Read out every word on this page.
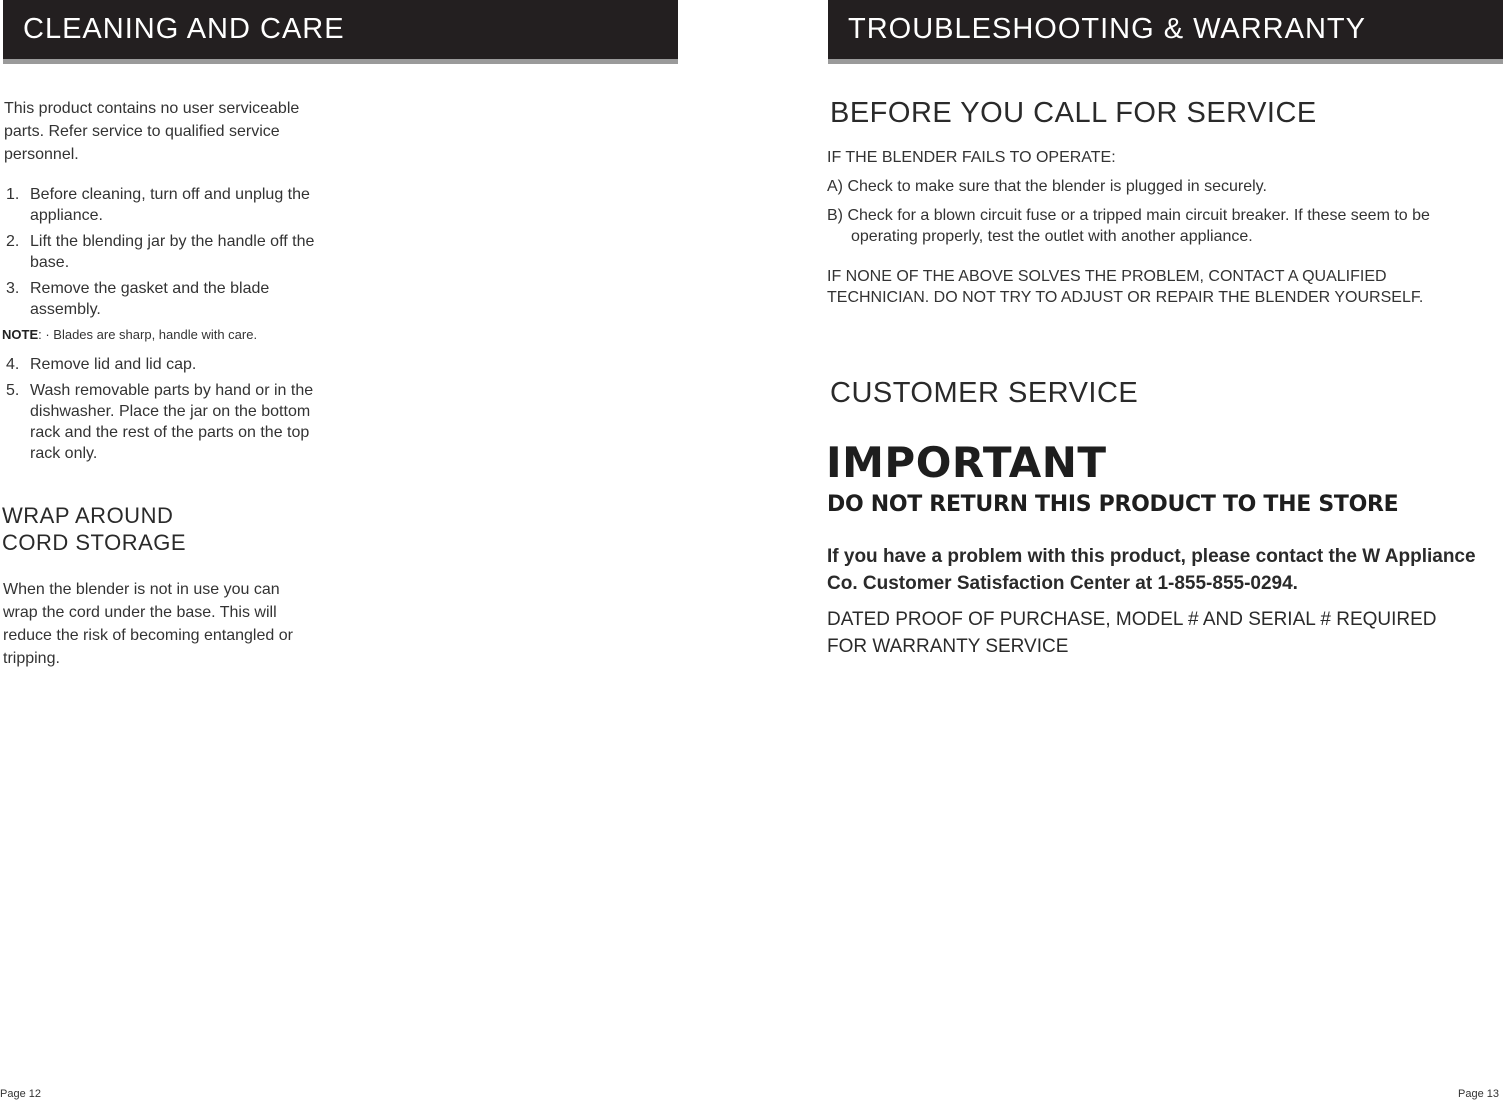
CLEANING AND CARE

This product contains no user serviceable parts. Refer service to qualified service personnel.

1. Before cleaning, turn off and unplug the appliance.
2. Lift the blending jar by the handle off the base.
3. Remove the gasket and the blade assembly.
NOTE: · Blades are sharp, handle with care.
4. Remove lid and lid cap.
5. Wash removable parts by hand or in the dishwasher. Place the jar on the bottom rack and the rest of the parts on the top rack only.
WRAP AROUND
CORD STORAGE

When the blender is not in use you can wrap the cord under the base. This will reduce the risk of becoming entangled or tripping.

Page 12
TROUBLESHOOTING & WARRANTY
BEFORE YOU CALL FOR SERVICE
IF THE BLENDER FAILS TO OPERATE:
A) Check to make sure that the blender is plugged in securely.
B) Check for a blown circuit fuse or a tripped main circuit breaker. If these seem to be operating properly, test the outlet with another appliance.
IF NONE OF THE ABOVE SOLVES THE PROBLEM, CONTACT A QUALIFIED TECHNICIAN. DO NOT TRY TO ADJUST OR REPAIR THE BLENDER YOURSELF.
CUSTOMER SERVICE
IMPORTANT
DO NOT RETURN THIS PRODUCT TO THE STORE
If you have a problem with this product, please contact the W Appliance Co. Customer Satisfaction Center at 1-855-855-0294.
DATED PROOF OF PURCHASE, MODEL # AND SERIAL # REQUIRED FOR WARRANTY SERVICE
Page 13
